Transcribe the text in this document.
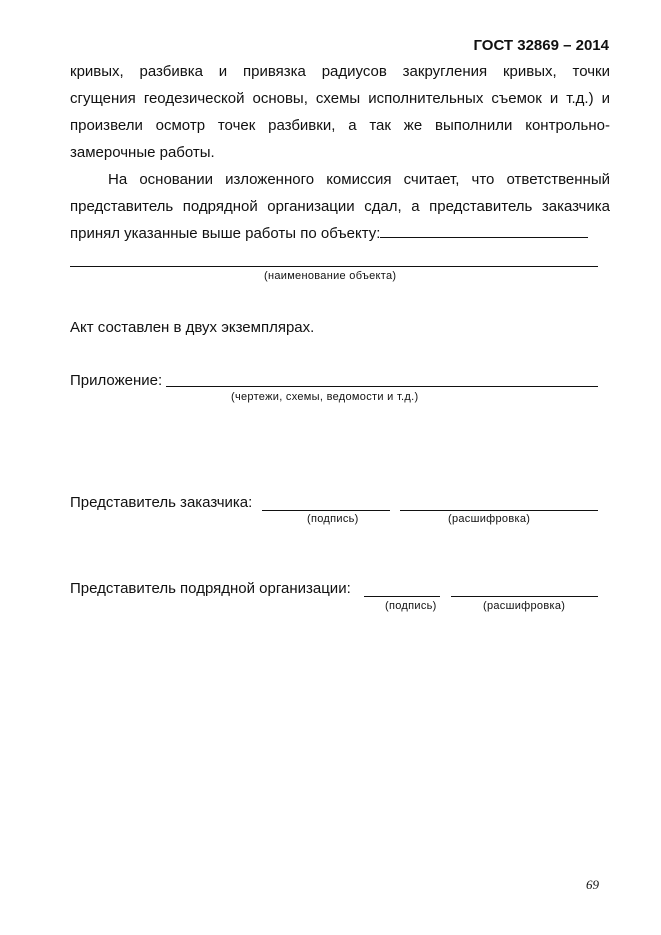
ГОСТ 32869 – 2014
кривых, разбивка и привязка радиусов закругления кривых, точки
сгущения геодезической основы, схемы исполнительных съемок и т.д.) и
произвели осмотр точек разбивки, а так же выполнили контрольно-
замерочные работы.
На основании изложенного комиссия считает, что ответственный
представитель подрядной организации сдал, а представитель заказчика
принял указанные выше работы по объекту:
(наименование объекта)
Акт составлен в двух экземплярах.
Приложение:
(чертежи, схемы, ведомости и т.д.)
Представитель заказчика:
(подпись)	(расшифровка)
Представитель подрядной организации:
(подпись)	(расшифровка)
69
